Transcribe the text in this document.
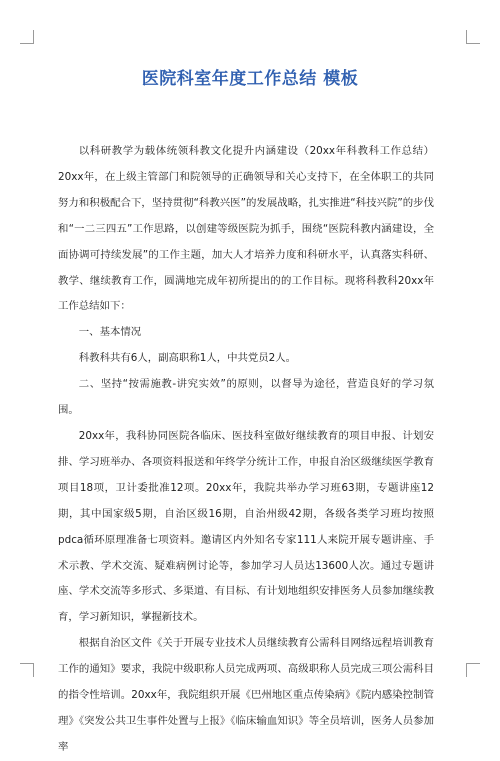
医院科室年度工作总结 模板

以科研教学为载体统领科教文化提升内涵建设（20xx年科教科工作总结）20xx年，在上级主管部门和院领导的正确领导和关心支持下，在全体职工的共同努力和积极配合下，坚持贯彻“科教兴医”的发展战略，扎实推进“科技兴院”的步伐和“一二三四五”工作思路，以创建等级医院为抓手，围绕“医院科教内涵建设，全面协调可持续发展”的工作主题，加大人才培养力度和科研水平，认真落实科研、教学、继续教育工作，圆满地完成年初所提出的的工作目标。现将科教科20xx年工作总结如下：

一、基本情况

科教科共有6人，副高职称1人，中共党员2人。

二、坚持“按需施教-讲究实效”的原则，以督导为途径，营造良好的学习氛围。

20xx年，我科协同医院各临床、医技科室做好继续教育的项目申报、计划安排、学习班举办、各项资料报送和年终学分统计工作，申报自治区级继续医学教育项目18项，卫计委批准12项。20xx年，我院共举办学习班63期，专题讲座12期，其中国家级5期，自治区级16期，自治州级42期，各级各类学习班均按照pdca循环原理准备七项资料。邀请区内外知名专家111人来院开展专题讲座、手术示教、学术交流、疑难病例讨论等，参加学习人员达13600人次。通过专题讲座、学术交流等多形式、多渠道、有目标、有计划地组织安排医务人员参加继续教育，学习新知识，掌握新技术。

根据自治区文件《关于开展专业技术人员继续教育公需科目网络远程培训教育工作的通知》要求，我院中级职称人员完成两项、高级职称人员完成三项公需科目的指令性培训。20xx年，我院组织开展《巴州地区重点传染病》《院内感染控制管理》《突发公共卫生事件处置与上报》《临床输血知识》等全员培训，医务人员参加率
